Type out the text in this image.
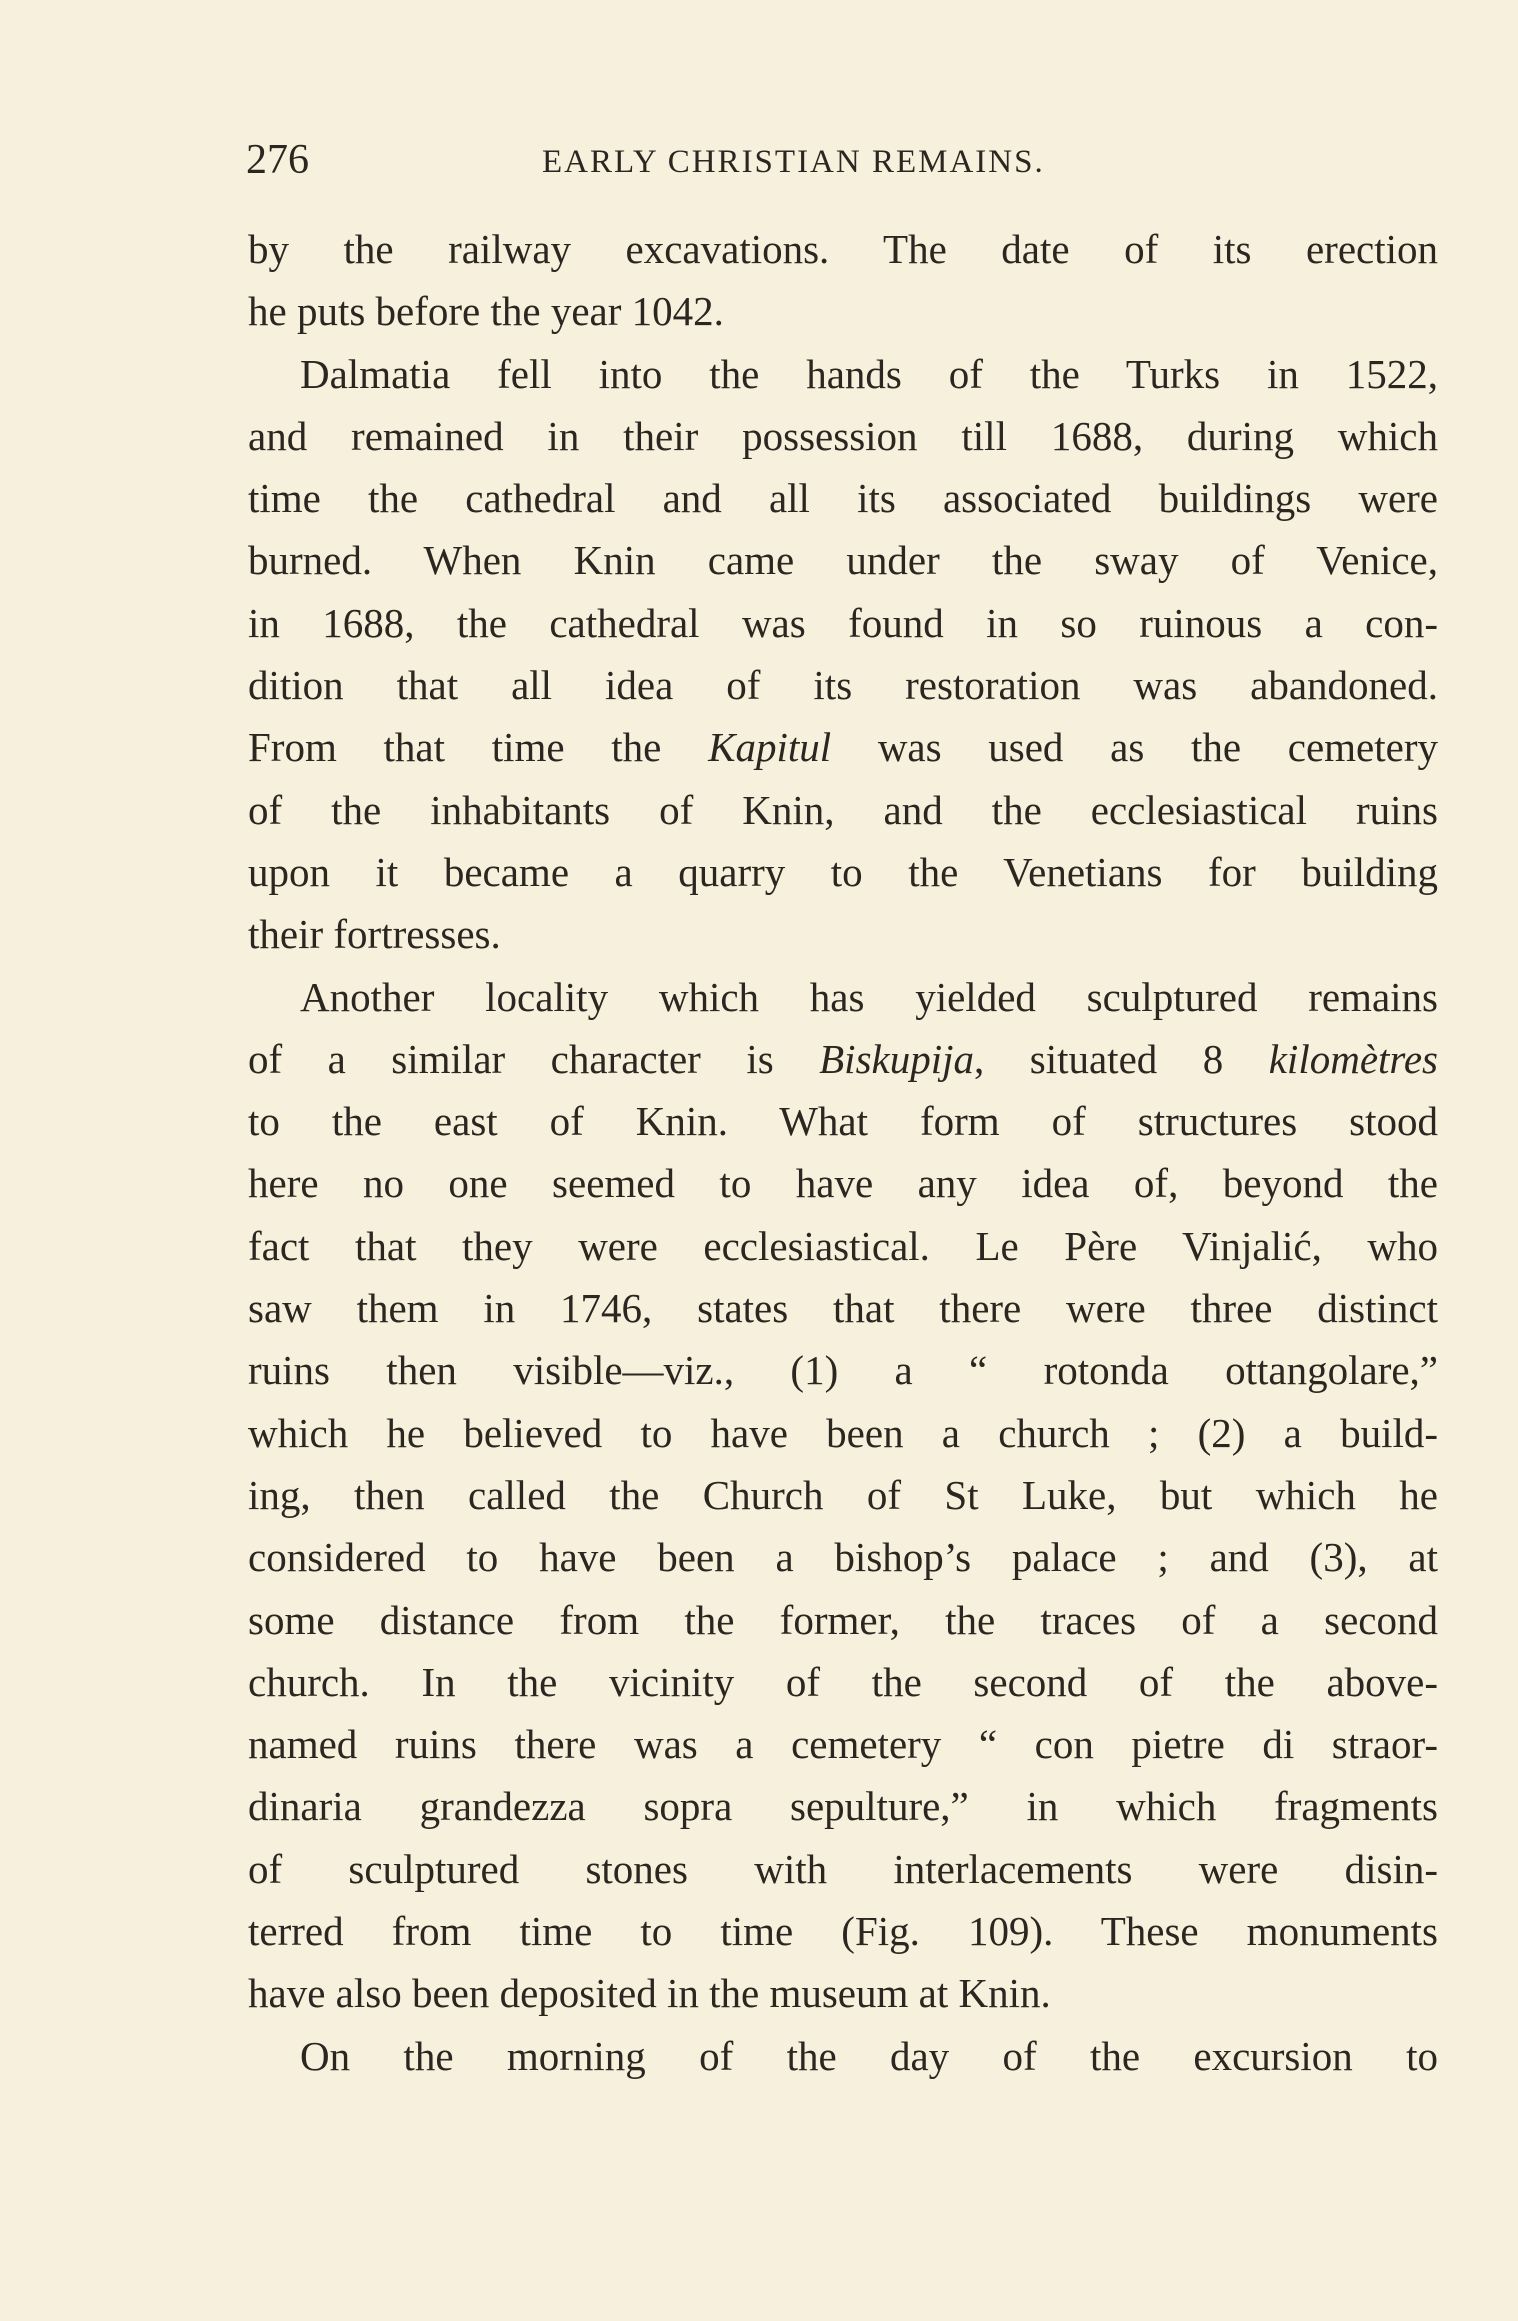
276	EARLY CHRISTIAN REMAINS.
by the railway excavations. The date of its erection
he puts before the year 1042.
Dalmatia fell into the hands of the Turks in 1522,
and remained in their possession till 1688, during which
time the cathedral and all its associated buildings were
burned. When Knin came under the sway of Venice,
in 1688, the cathedral was found in so ruinous a con-
dition that all idea of its restoration was abandoned.
From that time the Kapitul was used as the cemetery
of the inhabitants of Knin, and the ecclesiastical ruins
upon it became a quarry to the Venetians for building
their fortresses.
Another locality which has yielded sculptured remains
of a similar character is Biskupija, situated 8 kilomètres
to the east of Knin. What form of structures stood
here no one seemed to have any idea of, beyond the
fact that they were ecclesiastical. Le Père Vinjalić, who
saw them in 1746, states that there were three distinct
ruins then visible—viz., (1) a “ rotonda ottangolare,”
which he believed to have been a church ; (2) a build-
ing, then called the Church of St Luke, but which he
considered to have been a bishop’s palace ; and (3), at
some distance from the former, the traces of a second
church. In the vicinity of the second of the above-
named ruins there was a cemetery “ con pietre di straor-
dinaria grandezza sopra sepulture,” in which fragments
of sculptured stones with interlacements were disin-
terred from time to time (Fig. 109). These monuments
have also been deposited in the museum at Knin.
On the morning of the day of the excursion to
